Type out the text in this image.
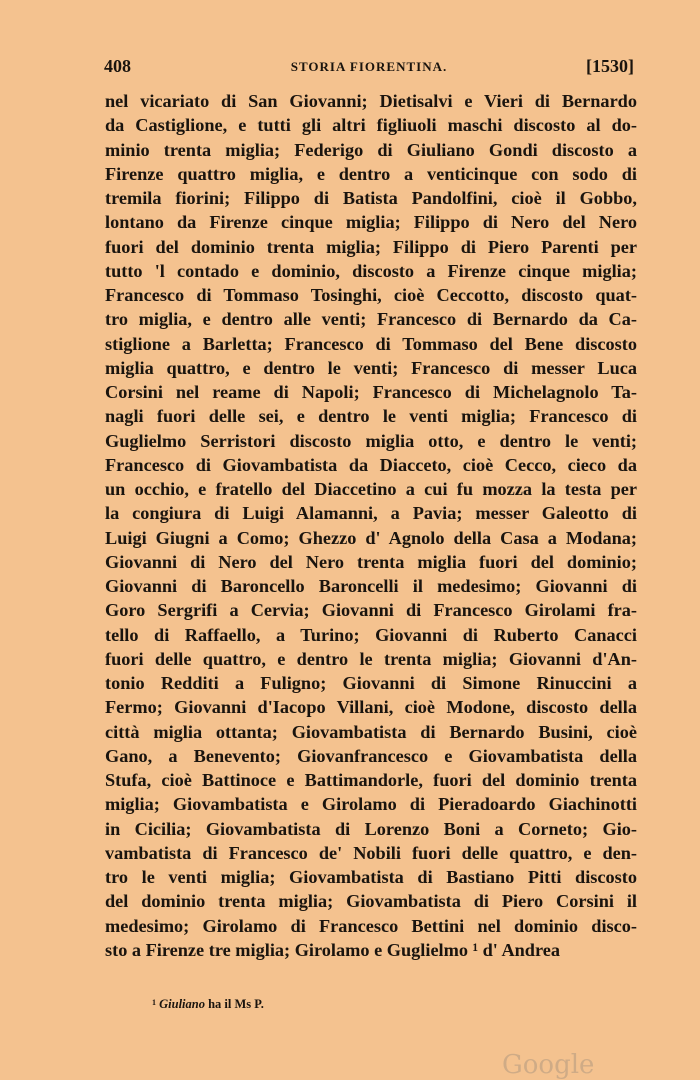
408	STORIA FIORENTINA.	[1530]
nel vicariato di San Giovanni; Dietisalvi e Vieri di Bernardo
da Castiglione, e tutti gli altri figliuoli maschi discosto al do-
minio trenta miglia; Federigo di Giuliano Gondi discosto a
Firenze quattro miglia, e dentro a venticinque con sodo di
tremila fiorini; Filippo di Batista Pandolfini, cioè il Gobbo,
lontano da Firenze cinque miglia; Filippo di Nero del Nero
fuori del dominio trenta miglia; Filippo di Piero Parenti per
tutto 'l contado e dominio, discosto a Firenze cinque miglia;
Francesco di Tommaso Tosinghi, cioè Ceccotto, discosto quat-
tro miglia, e dentro alle venti; Francesco di Bernardo da Ca-
stiglione a Barletta; Francesco di Tommaso del Bene discosto
miglia quattro, e dentro le venti; Francesco di messer Luca
Corsini nel reame di Napoli; Francesco di Michelagnolo Ta-
nagli fuori delle sei, e dentro le venti miglia; Francesco di
Guglielmo Serristori discosto miglia otto, e dentro le venti;
Francesco di Giovambatista da Diacceto, cioè Cecco, cieco da
un occhio, e fratello del Diaccetino a cui fu mozza la testa per
la congiura di Luigi Alamanni, a Pavia; messer Galeotto di
Luigi Giugni a Como; Ghezzo d' Agnolo della Casa a Modana;
Giovanni di Nero del Nero trenta miglia fuori del dominio;
Giovanni di Baroncello Baroncelli il medesimo; Giovanni di
Goro Sergrifi a Cervia; Giovanni di Francesco Girolami fra-
tello di Raffaello, a Turino; Giovanni di Ruberto Canacci
fuori delle quattro, e dentro le trenta miglia; Giovanni d'An-
tonio Redditi a Fuligno; Giovanni di Simone Rinuccini a
Fermo; Giovanni d'Iacopo Villani, cioè Modone, discosto della
città miglia ottanta; Giovambatista di Bernardo Busini, cioè
Gano, a Benevento; Giovanfrancesco e Giovambatista della
Stufa, cioè Battinoce e Battimandorle, fuori del dominio trenta
miglia; Giovambatista e Girolamo di Pieradoardo Giachinotti
in Cicilia; Giovambatista di Lorenzo Boni a Corneto; Gio-
vambatista di Francesco de' Nobili fuori delle quattro, e den-
tro le venti miglia; Giovambatista di Bastiano Pitti discosto
del dominio trenta miglia; Giovambatista di Piero Corsini il
medesimo; Girolamo di Francesco Bettini nel dominio disco-
sto a Firenze tre miglia; Girolamo e Guglielmo ¹ d' Andrea
$^1$ Giuliano ha il Ms P.
Google
